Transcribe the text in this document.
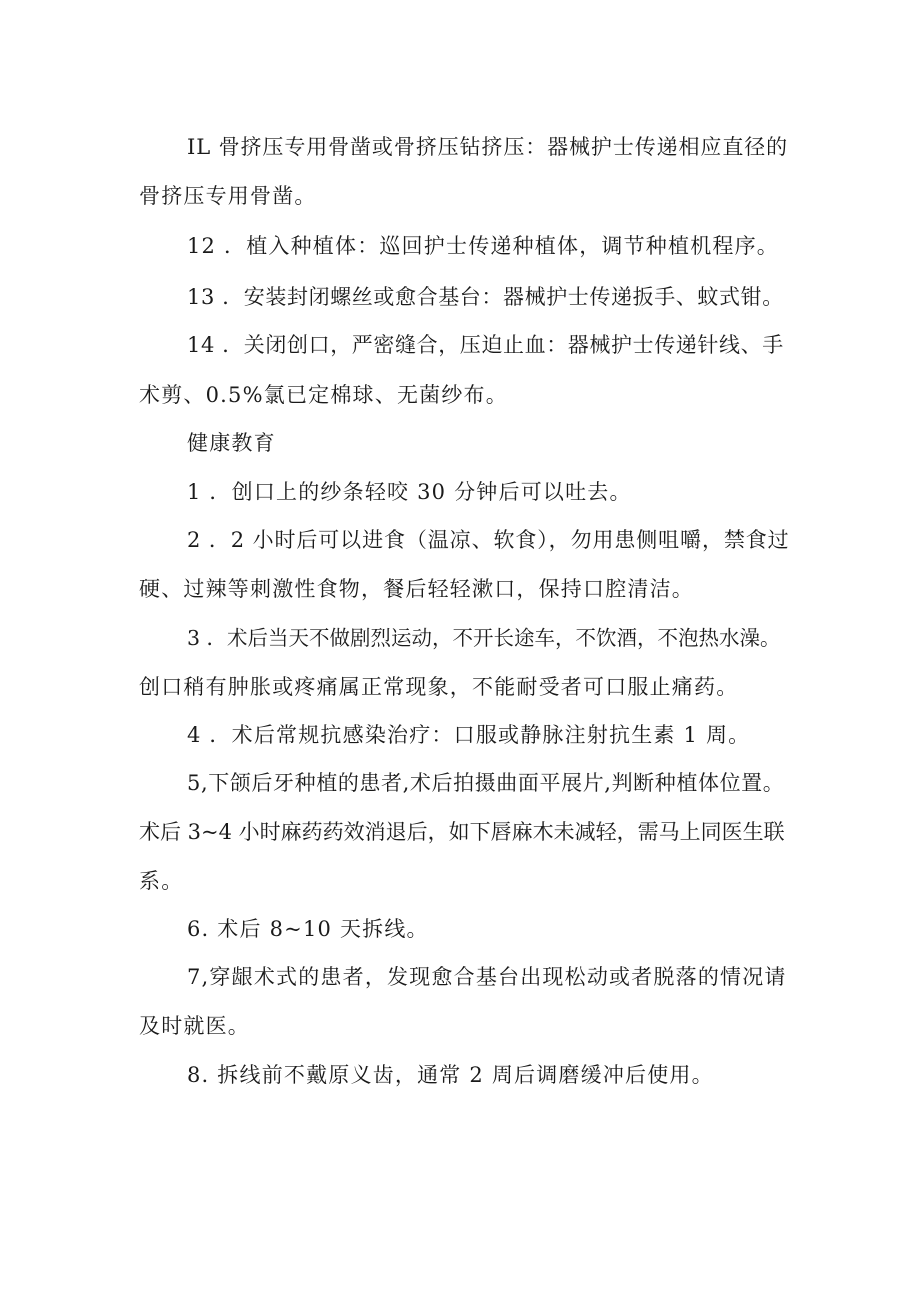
IL 骨挤压专用骨凿或骨挤压钻挤压：器械护士传递相应直径的
骨挤压专用骨凿。
12 ．植入种植体：巡回护士传递种植体，调节种植机程序。
13 ．安装封闭螺丝或愈合基台：器械护士传递扳手、蚊式钳。
14 ．关闭创口，严密缝合，压迫止血：器械护士传递针线、手
术剪、0.5%氯已定棉球、无菌纱布。
健康教育
1 ．创口上的纱条轻咬 30 分钟后可以吐去。
2 ．2 小时后可以进食（温凉、软食），勿用患侧咀嚼，禁食过
硬、过辣等刺激性食物，餐后轻轻漱口，保持口腔清洁。
3 ．术后当天不做剧烈运动，不开长途车，不饮酒，不泡热水澡。
创口稍有肿胀或疼痛属正常现象，不能耐受者可口服止痛药。
4 ．术后常规抗感染治疗：口服或静脉注射抗生素 1 周。
5,下颌后牙种植的患者,术后拍摄曲面平展片,判断种植体位置。
术后 3~4 小时麻药药效消退后，如下唇麻木未减轻，需马上同医生联
系。
6. 术后 8~10 天拆线。
7,穿龈术式的患者，发现愈合基台出现松动或者脱落的情况请
及时就医。
8. 拆线前不戴原义齿，通常 2 周后调磨缓冲后使用。
